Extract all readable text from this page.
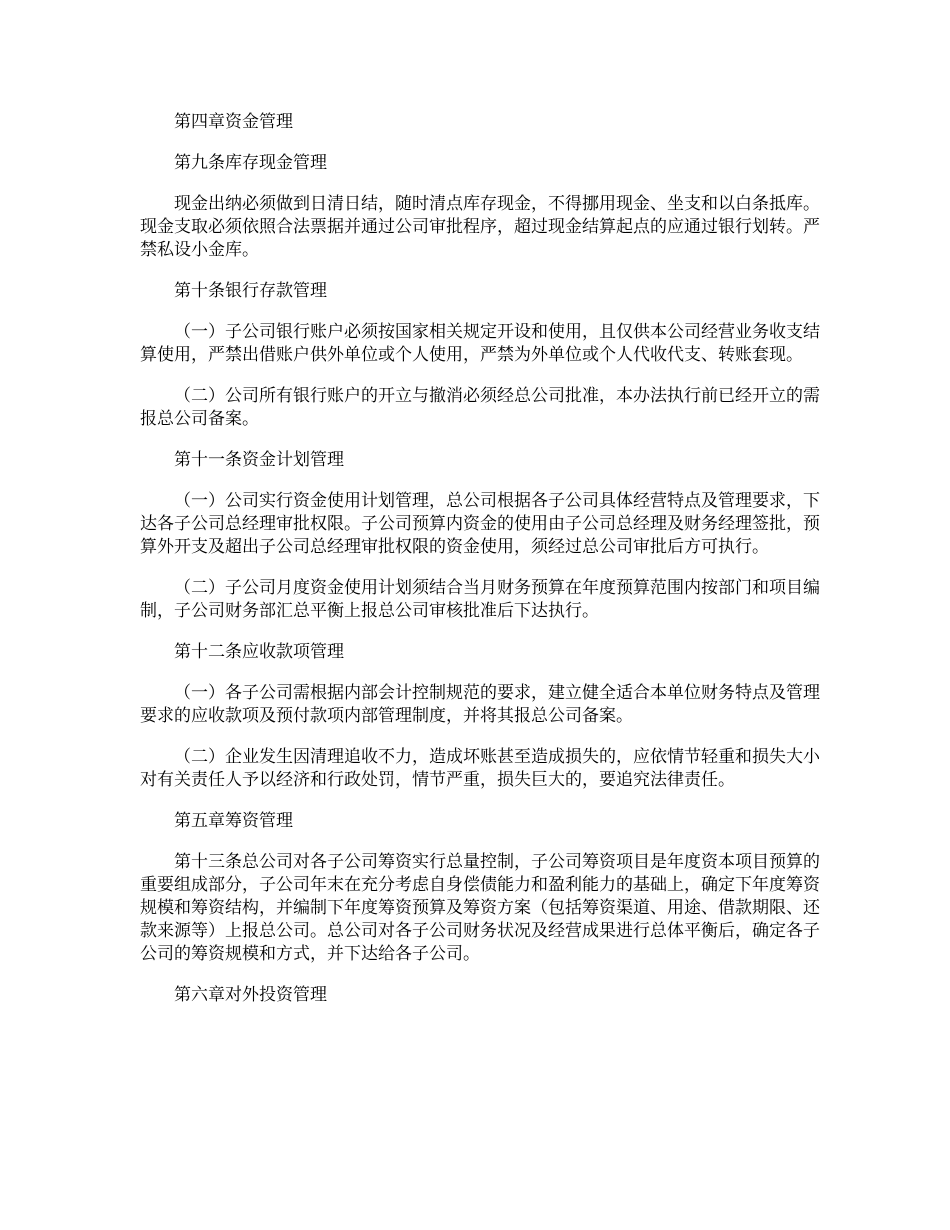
第四章资金管理

第九条库存现金管理

现金出纳必须做到日清日结，随时清点库存现金，不得挪用现金、坐支和以白条抵库。现金支取必须依照合法票据并通过公司审批程序，超过现金结算起点的应通过银行划转。严禁私设小金库。

第十条银行存款管理

（一）子公司银行账户必须按国家相关规定开设和使用，且仅供本公司经营业务收支结算使用，严禁出借账户供外单位或个人使用，严禁为外单位或个人代收代支、转账套现。

（二）公司所有银行账户的开立与撤消必须经总公司批准，本办法执行前已经开立的需报总公司备案。

第十一条资金计划管理

（一）公司实行资金使用计划管理，总公司根据各子公司具体经营特点及管理要求，下达各子公司总经理审批权限。子公司预算内资金的使用由子公司总经理及财务经理签批，预算外开支及超出子公司总经理审批权限的资金使用，须经过总公司审批后方可执行。

（二）子公司月度资金使用计划须结合当月财务预算在年度预算范围内按部门和项目编制，子公司财务部汇总平衡上报总公司审核批准后下达执行。

第十二条应收款项管理

（一）各子公司需根据内部会计控制规范的要求，建立健全适合本单位财务特点及管理要求的应收款项及预付款项内部管理制度，并将其报总公司备案。

（二）企业发生因清理追收不力，造成坏账甚至造成损失的，应依情节轻重和损失大小对有关责任人予以经济和行政处罚，情节严重，损失巨大的，要追究法律责任。

第五章筹资管理

第十三条总公司对各子公司筹资实行总量控制，子公司筹资项目是年度资本项目预算的重要组成部分，子公司年末在充分考虑自身偿债能力和盈利能力的基础上，确定下年度筹资规模和筹资结构，并编制下年度筹资预算及筹资方案（包括筹资渠道、用途、借款期限、还款来源等）上报总公司。总公司对各子公司财务状况及经营成果进行总体平衡后，确定各子公司的筹资规模和方式，并下达给各子公司。

第六章对外投资管理
